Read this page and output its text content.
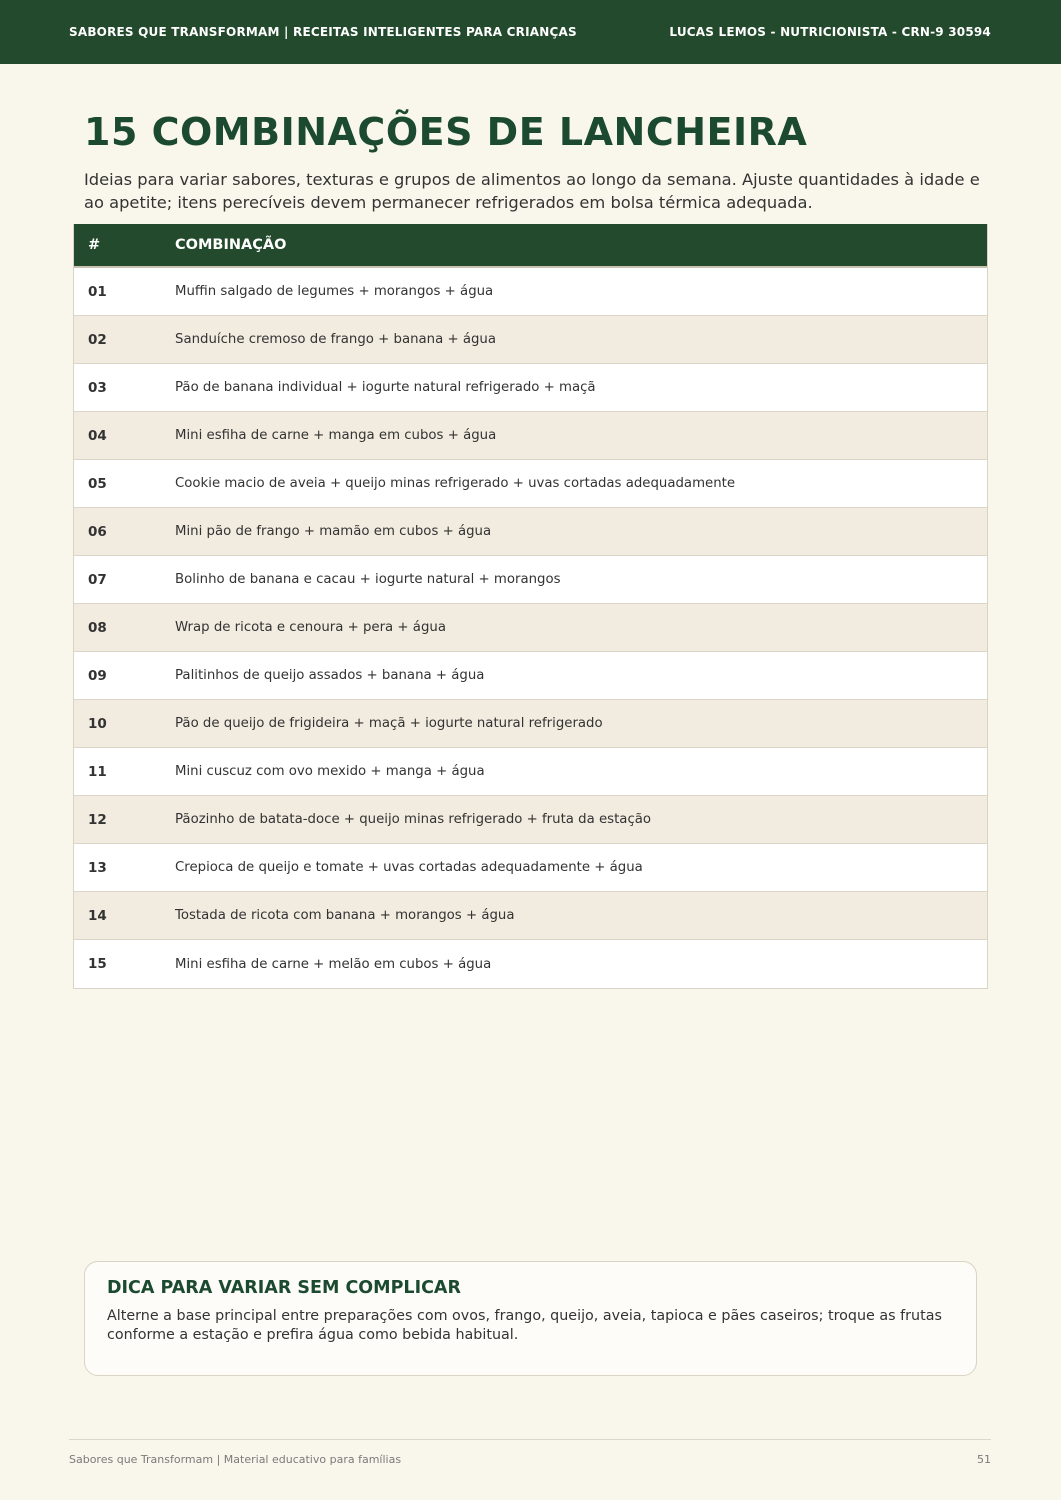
SABORES QUE TRANSFORMAM | RECEITAS INTELIGENTES PARA CRIANÇAS	LUCAS LEMOS - NUTRICIONISTA - CRN-9 30594
15 COMBINAÇÕES DE LANCHEIRA

Ideias para variar sabores, texturas e grupos de alimentos ao longo da semana. Ajuste quantidades à idade e ao apetite; itens perecíveis devem permanecer refrigerados em bolsa térmica adequada.

#	COMBINAÇÃO
01	Muffin salgado de legumes + morangos + água
02	Sanduíche cremoso de frango + banana + água
03	Pão de banana individual + iogurte natural refrigerado + maçã
04	Mini esfiha de carne + manga em cubos + água
05	Cookie macio de aveia + queijo minas refrigerado + uvas cortadas adequadamente
06	Mini pão de frango + mamão em cubos + água
07	Bolinho de banana e cacau + iogurte natural + morangos
08	Wrap de ricota e cenoura + pera + água
09	Palitinhos de queijo assados + banana + água
10	Pão de queijo de frigideira + maçã + iogurte natural refrigerado
11	Mini cuscuz com ovo mexido + manga + água
12	Pãozinho de batata-doce + queijo minas refrigerado + fruta da estação
13	Crepioca de queijo e tomate + uvas cortadas adequadamente + água
14	Tostada de ricota com banana + morangos + água
15	Mini esfiha de carne + melão em cubos + água
DICA PARA VARIAR SEM COMPLICAR
Alterne a base principal entre preparações com ovos, frango, queijo, aveia, tapioca e pães caseiros; troque as frutas conforme a estação e prefira água como bebida habitual.
Sabores que Transformam | Material educativo para famílias	51
